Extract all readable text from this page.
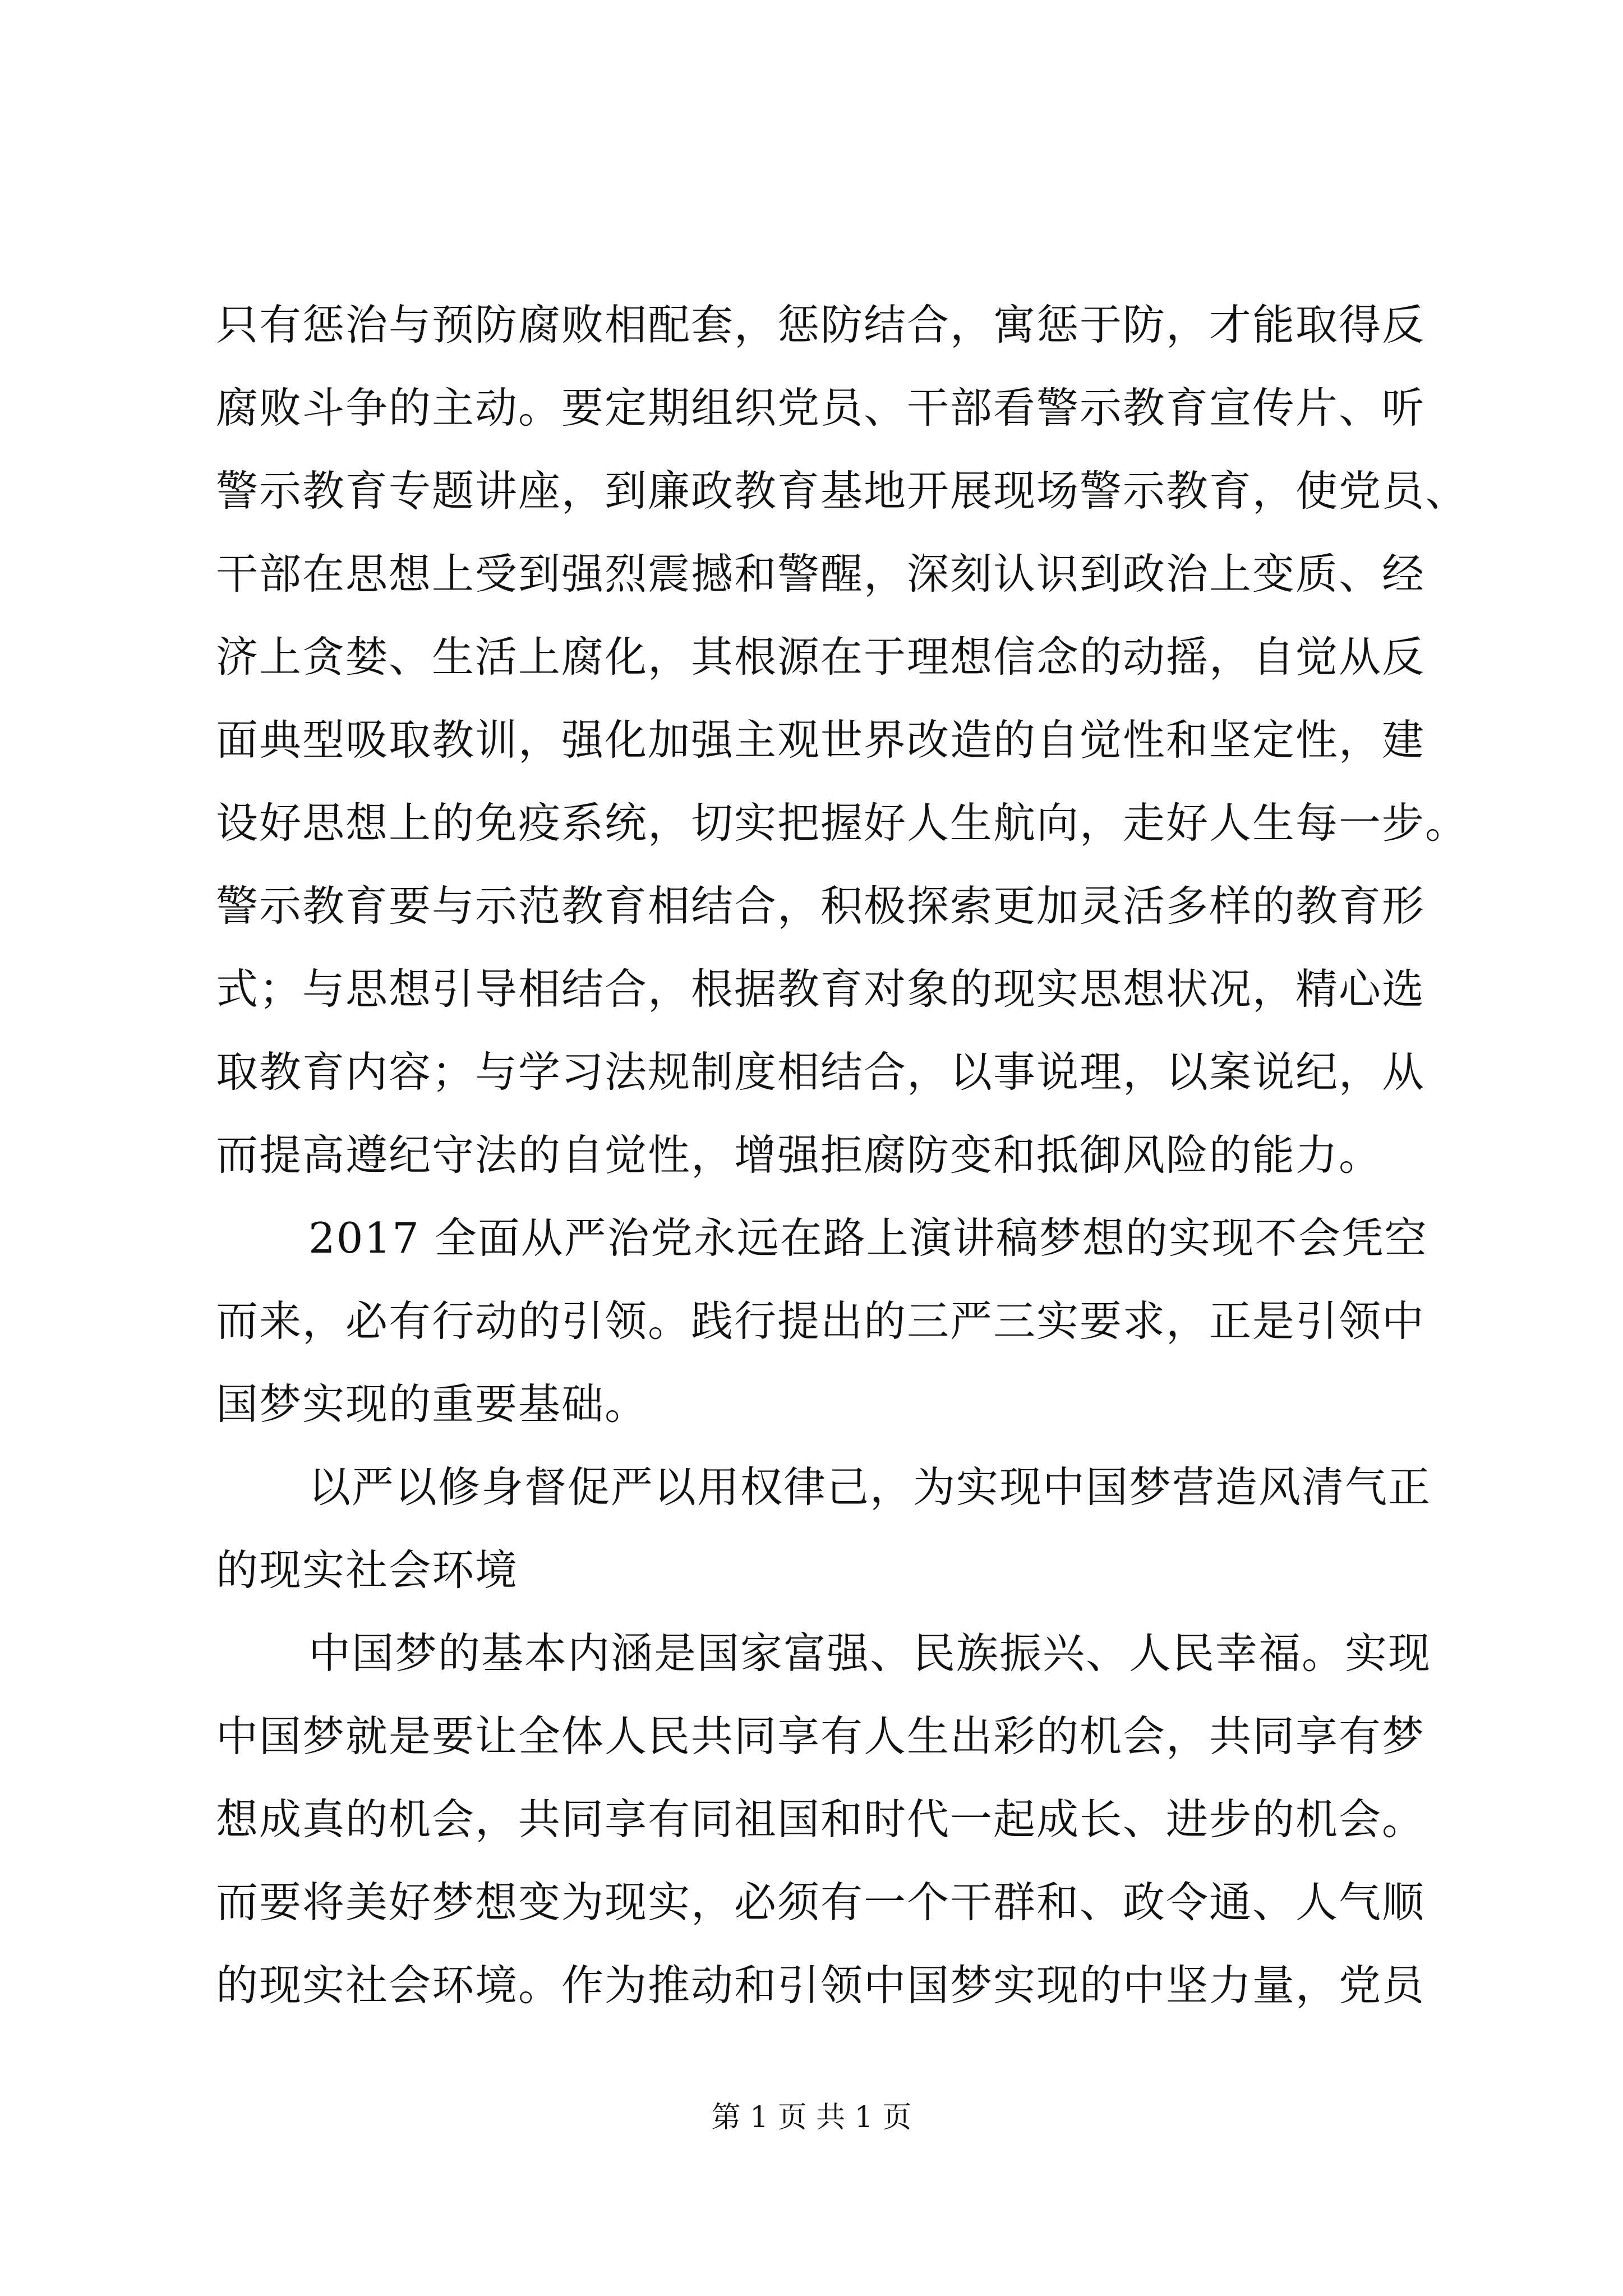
只有惩治与预防腐败相配套，惩防结合，寓惩于防，才能取得反
腐败斗争的主动。要定期组织党员、干部看警示教育宣传片、听
警示教育专题讲座，到廉政教育基地开展现场警示教育，使党员、
干部在思想上受到强烈震撼和警醒，深刻认识到政治上变质、经
济上贪婪、生活上腐化，其根源在于理想信念的动摇，自觉从反
面典型吸取教训，强化加强主观世界改造的自觉性和坚定性，建
设好思想上的免疫系统，切实把握好人生航向，走好人生每一步。
警示教育要与示范教育相结合，积极探索更加灵活多样的教育形
式；与思想引导相结合，根据教育对象的现实思想状况，精心选
取教育内容；与学习法规制度相结合，以事说理，以案说纪，从
而提高遵纪守法的自觉性，增强拒腐防变和抵御风险的能力。
2017 全面从严治党永远在路上演讲稿梦想的实现不会凭空
而来，必有行动的引领。践行提出的三严三实要求，正是引领中
国梦实现的重要基础。
以严以修身督促严以用权律己，为实现中国梦营造风清气正
的现实社会环境
中国梦的基本内涵是国家富强、民族振兴、人民幸福。实现
中国梦就是要让全体人民共同享有人生出彩的机会，共同享有梦
想成真的机会，共同享有同祖国和时代一起成长、进步的机会。
而要将美好梦想变为现实，必须有一个干群和、政令通、人气顺
的现实社会环境。作为推动和引领中国梦实现的中坚力量，党员
第 1 页 共 1 页
